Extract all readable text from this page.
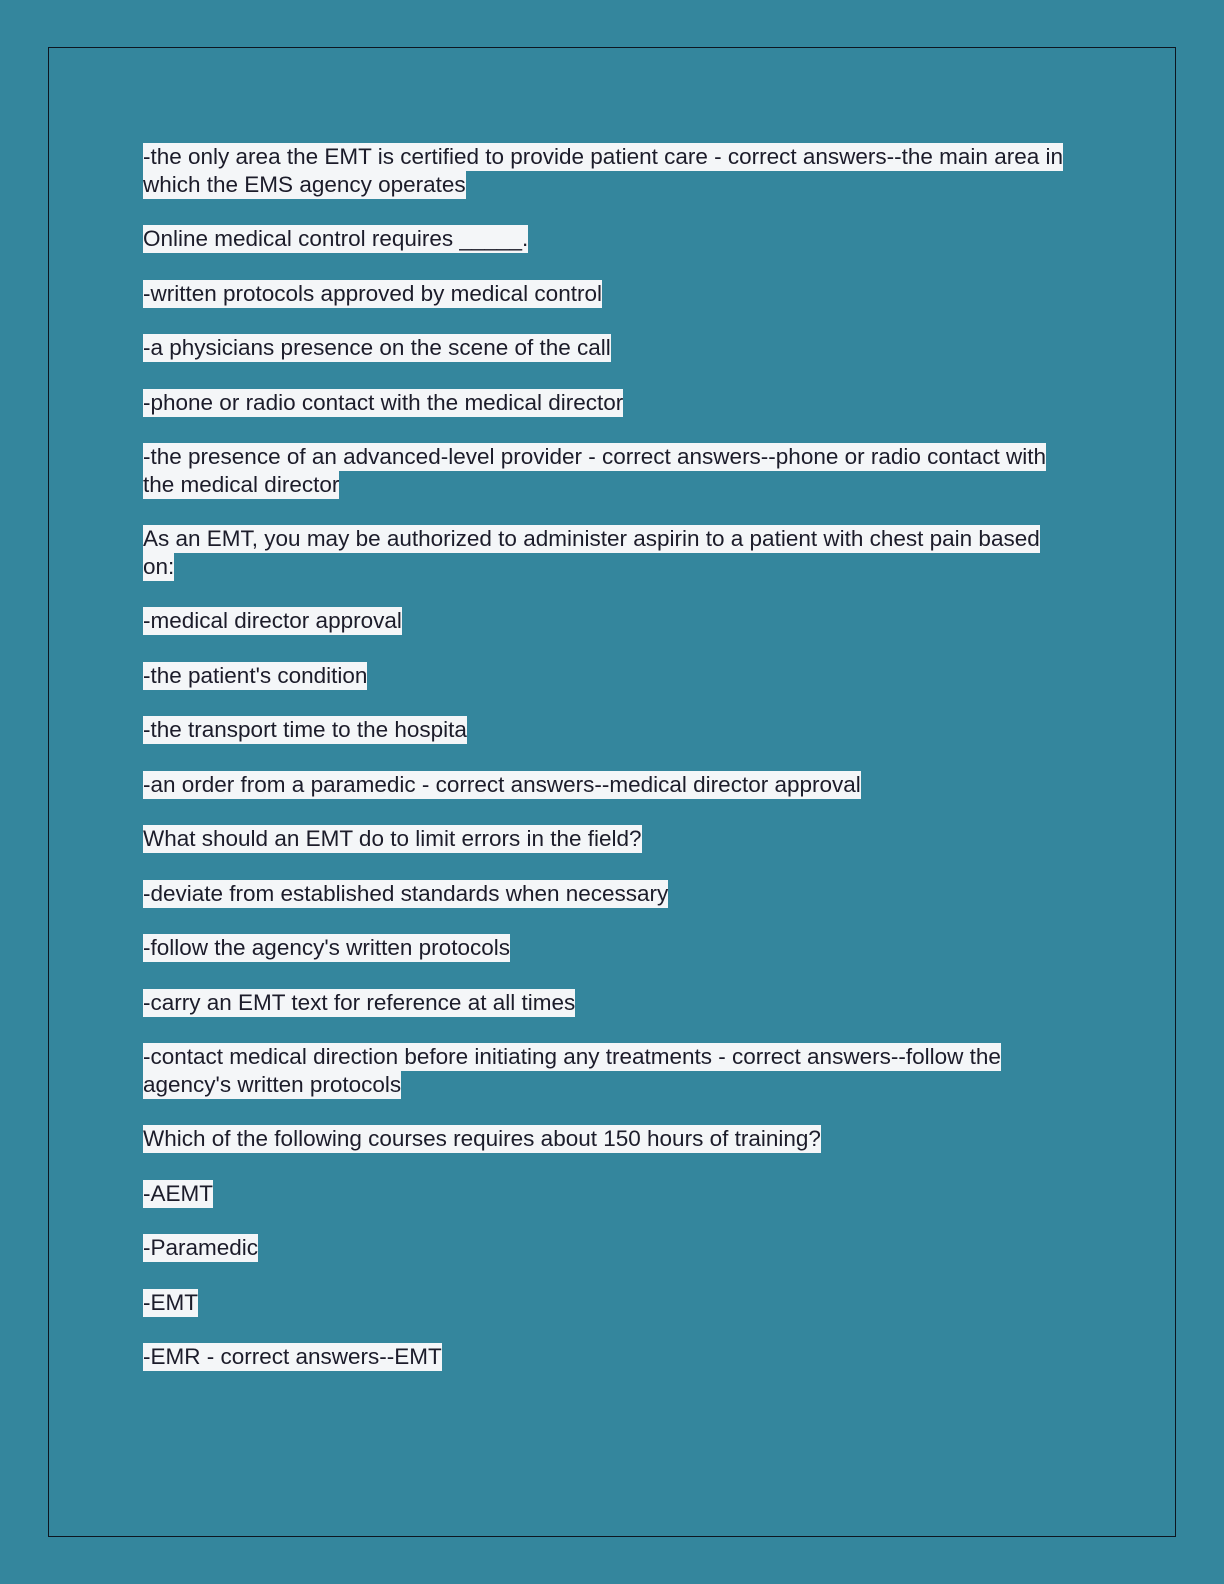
-the only area the EMT is certified to provide patient care - correct answers--the main area in which the EMS agency operates

Online medical control requires _____.

-written protocols approved by medical control

-a physicians presence on the scene of the call

-phone or radio contact with the medical director

-the presence of an advanced-level provider - correct answers--phone or radio contact with the medical director

As an EMT, you may be authorized to administer aspirin to a patient with chest pain based on:

-medical director approval

-the patient's condition

-the transport time to the hospita

-an order from a paramedic - correct answers--medical director approval

What should an EMT do to limit errors in the field?

-deviate from established standards when necessary

-follow the agency's written protocols

-carry an EMT text for reference at all times

-contact medical direction before initiating any treatments - correct answers--follow the agency's written protocols

Which of the following courses requires about 150 hours of training?

-AEMT

-Paramedic

-EMT

-EMR - correct answers--EMT
